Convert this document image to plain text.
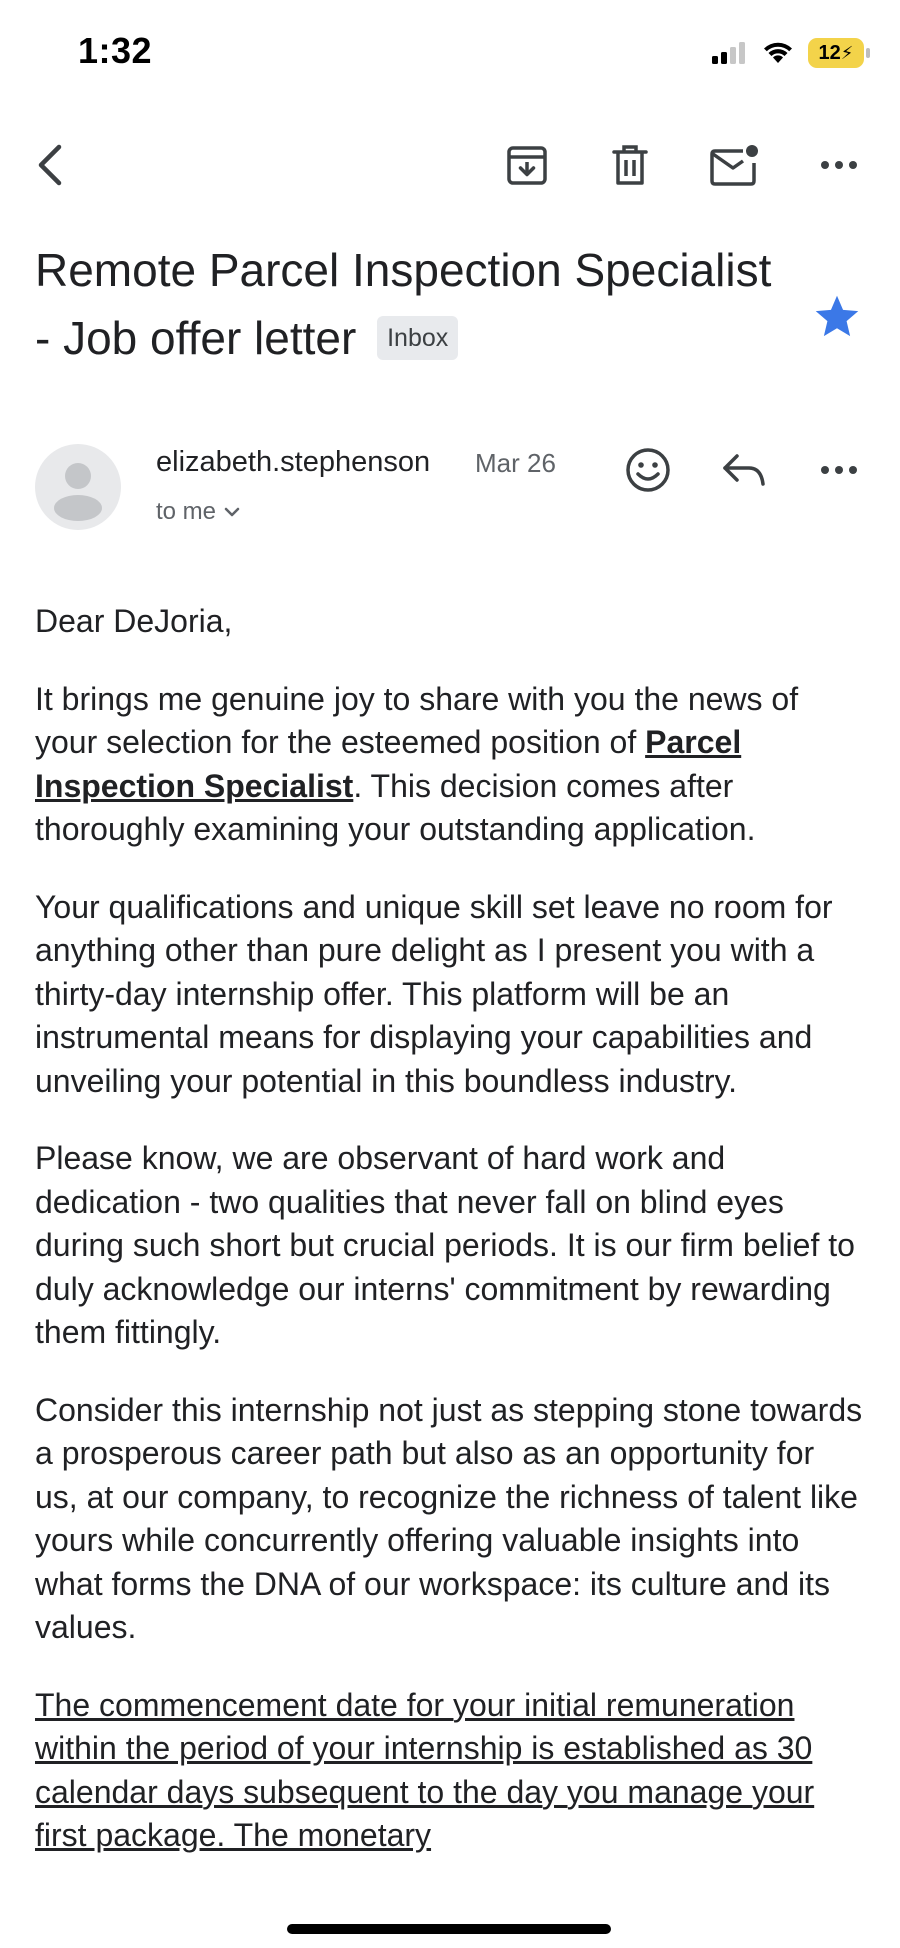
1:32	12 ⚡
Remote Parcel Inspection Specialist - Job offer letter Inbox
elizabeth.stephenson Mar 26
to me

Dear DeJoria,

It brings me genuine joy to share with you the news of your selection for the esteemed position of Parcel Inspection Specialist. This decision comes after thoroughly examining your outstanding application.

Your qualifications and unique skill set leave no room for anything other than pure delight as I present you with a thirty-day internship offer. This platform will be an instrumental means for displaying your capabilities and unveiling your potential in this boundless industry.

Please know, we are observant of hard work and dedication - two qualities that never fall on blind eyes during such short but crucial periods. It is our firm belief to duly acknowledge our interns' commitment by rewarding them fittingly.

Consider this internship not just as stepping stone towards a prosperous career path but also as an opportunity for us, at our company, to recognize the richness of talent like yours while concurrently offering valuable insights into what forms the DNA of our workspace: its culture and its values.

The commencement date for your initial remuneration within the period of your internship is established as 30 calendar days subsequent to the day you manage your first package. The monetary
